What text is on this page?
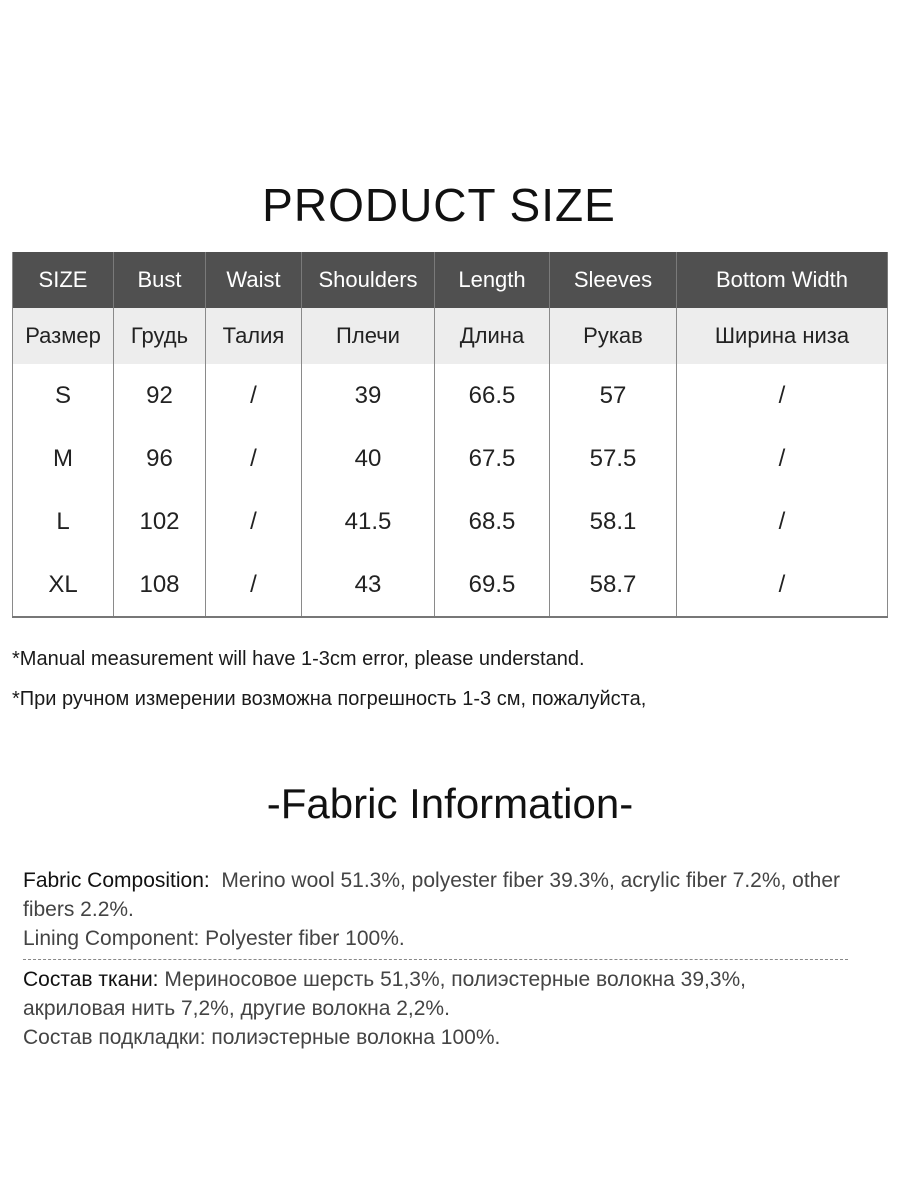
PRODUCT SIZE
SIZE	Bust	Waist	Shoulders	Length	Sleeves	Bottom Width
Размер	Грудь	Талия	Плечи	Длина	Рукав	Ширина низа
S	92	/	39	66.5	57	/
M	96	/	40	67.5	57.5	/
L	102	/	41.5	68.5	58.1	/
XL	108	/	43	69.5	58.7	/
*Manual measurement will have 1-3cm error, please understand.
*При ручном измерении возможна погрешность 1-3 см, пожалуйста,
-Fabric Information-
Fabric Composition: Merino wool 51.3%, polyester fiber 39.3%, acrylic fiber 7.2%, other fibers 2.2%.
Lining Component: Polyester fiber 100%.
Состав ткани: Мериносовое шерсть 51,3%, полиэстерные волокна 39,3%, акриловая нить 7,2%, другие волокна 2,2%.
Состав подкладки: полиэстерные волокна 100%.
